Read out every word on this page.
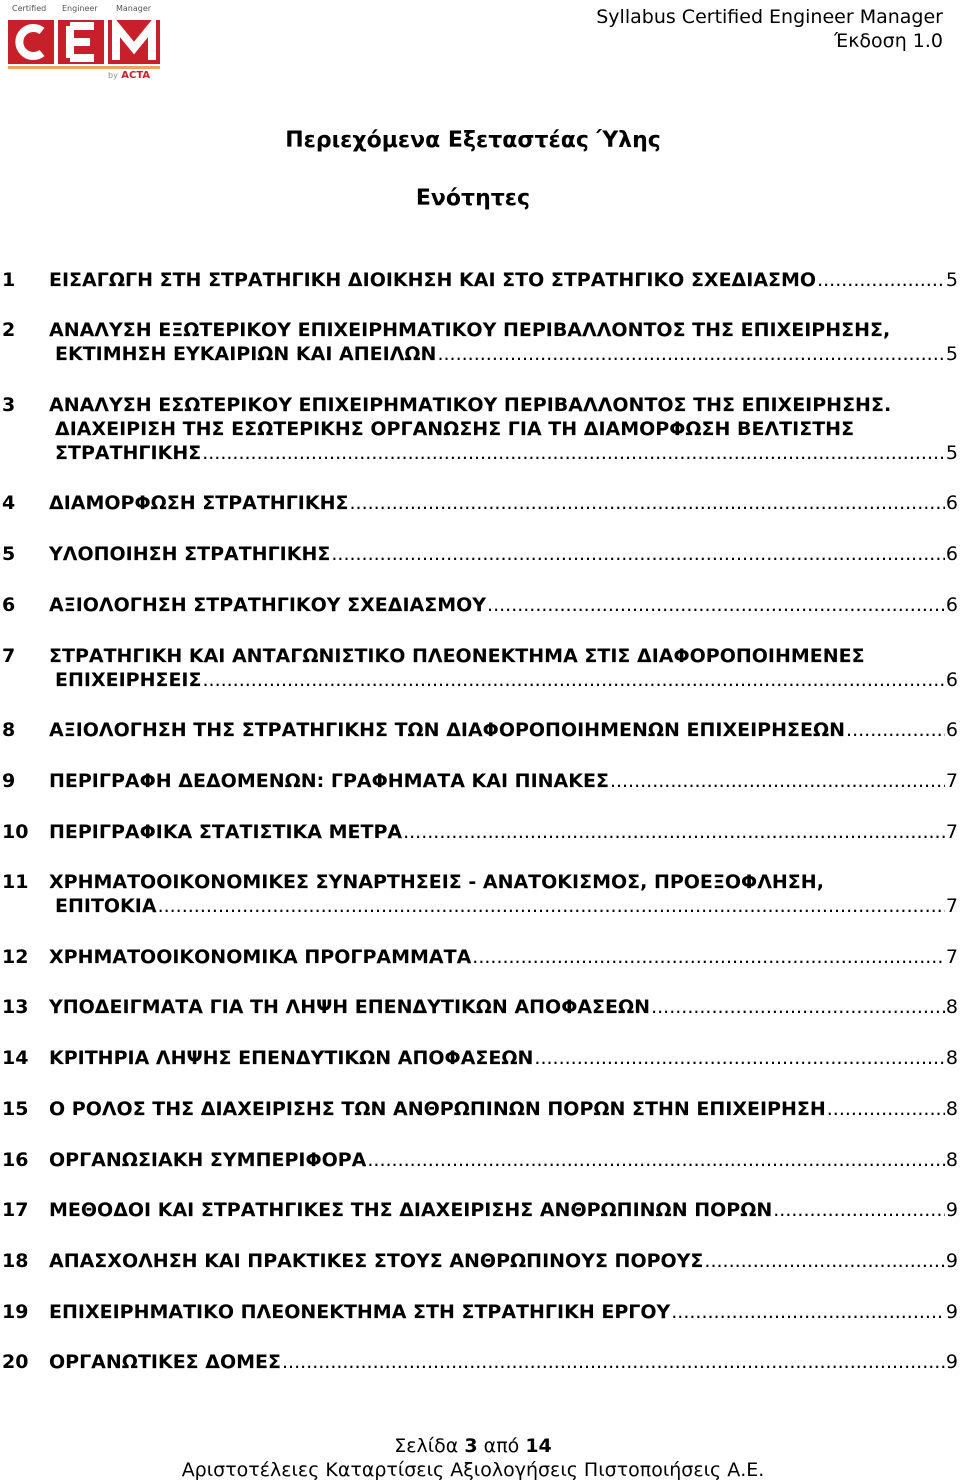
Certified Engineer Manager
by ACTA
Syllabus Certified Engineer Manager
Έκδοση 1.0
Περιεχόμενα Εξεταστέας Ύλης
Ενότητες
1 ΕΙΣΑΓΩΓΗ ΣΤΗ ΣΤΡΑΤΗΓΙΚΗ ΔΙΟΙΚΗΣΗ ΚΑΙ ΣΤΟ ΣΤΡΑΤΗΓΙΚΟ ΣΧΕΔΙΑΣΜΟ .....	5
2 ΑΝΑΛΥΣΗ ΕΞΩΤΕΡΙΚΟΥ ΕΠΙΧΕΙΡΗΜΑΤΙΚΟΥ ΠΕΡΙΒΑΛΛΟΝΤΟΣ ΤΗΣ ΕΠΙΧΕΙΡΗΣΗΣ,
ΕΚΤΙΜΗΣΗ ΕΥΚΑΙΡΙΩΝ ΚΑΙ ΑΠΕΙΛΩΝ .....	5
3 ΑΝΑΛΥΣΗ ΕΣΩΤΕΡΙΚΟΥ ΕΠΙΧΕΙΡΗΜΑΤΙΚΟΥ ΠΕΡΙΒΑΛΛΟΝΤΟΣ ΤΗΣ ΕΠΙΧΕΙΡΗΣΗΣ.
ΔΙΑΧΕΙΡΙΣΗ ΤΗΣ ΕΣΩΤΕΡΙΚΗΣ ΟΡΓΑΝΩΣΗΣ ΓΙΑ ΤΗ ΔΙΑΜΟΡΦΩΣΗ ΒΕΛΤΙΣΤΗΣ
ΣΤΡΑΤΗΓΙΚΗΣ .....	5
4 ΔΙΑΜΟΡΦΩΣΗ ΣΤΡΑΤΗΓΙΚΗΣ .....	6
5 ΥΛΟΠΟΙΗΣΗ ΣΤΡΑΤΗΓΙΚΗΣ .....	6
6 ΑΞΙΟΛΟΓΗΣΗ ΣΤΡΑΤΗΓΙΚΟΥ ΣΧΕΔΙΑΣΜΟΥ .....	6
7 ΣΤΡΑΤΗΓΙΚΗ ΚΑΙ ΑΝΤΑΓΩΝΙΣΤΙΚΟ ΠΛΕΟΝΕΚΤΗΜΑ ΣΤΙΣ ΔΙΑΦΟΡΟΠΟΙΗΜΕΝΕΣ
ΕΠΙΧΕΙΡΗΣΕΙΣ .....	6
8 ΑΞΙΟΛΟΓΗΣΗ ΤΗΣ ΣΤΡΑΤΗΓΙΚΗΣ ΤΩΝ ΔΙΑΦΟΡΟΠΟΙΗΜΕΝΩΝ ΕΠΙΧΕΙΡΗΣΕΩΝ .....	6
9 ΠΕΡΙΓΡΑΦΗ ΔΕΔΟΜΕΝΩΝ: ΓΡΑΦΗΜΑΤΑ ΚΑΙ ΠΙΝΑΚΕΣ .....	7
10 ΠΕΡΙΓΡΑΦΙΚΑ ΣΤΑΤΙΣΤΙΚΑ ΜΕΤΡΑ .....	7
11 ΧΡΗΜΑΤΟΟΙΚΟΝΟΜΙΚΕΣ ΣΥΝΑΡΤΗΣΕΙΣ - ΑΝΑΤΟΚΙΣΜΟΣ, ΠΡΟΕΞΟΦΛΗΣΗ,
ΕΠΙΤΟΚΙΑ .....	7
12 ΧΡΗΜΑΤΟΟΙΚΟΝΟΜΙΚΑ ΠΡΟΓΡΑΜΜΑΤΑ .....	7
13 ΥΠΟΔΕΙΓΜΑΤΑ ΓΙΑ ΤΗ ΛΗΨΗ ΕΠΕΝΔΥΤΙΚΩΝ ΑΠΟΦΑΣΕΩΝ .....	8
14 ΚΡΙΤΗΡΙΑ ΛΗΨΗΣ ΕΠΕΝΔΥΤΙΚΩΝ ΑΠΟΦΑΣΕΩΝ .....	8
15 Ο ΡΟΛΟΣ ΤΗΣ ΔΙΑΧΕΙΡΙΣΗΣ ΤΩΝ ΑΝΘΡΩΠΙΝΩΝ ΠΟΡΩΝ ΣΤΗΝ ΕΠΙΧΕΙΡΗΣΗ .....	8
16 ΟΡΓΑΝΩΣΙΑΚΗ ΣΥΜΠΕΡΙΦΟΡΑ .....	8
17 ΜΕΘΟΔΟΙ ΚΑΙ ΣΤΡΑΤΗΓΙΚΕΣ ΤΗΣ ΔΙΑΧΕΙΡΙΣΗΣ ΑΝΘΡΩΠΙΝΩΝ ΠΟΡΩΝ .....	9
18 ΑΠΑΣΧΟΛΗΣΗ ΚΑΙ ΠΡΑΚΤΙΚΕΣ ΣΤΟΥΣ ΑΝΘΡΩΠΙΝΟΥΣ ΠΟΡΟΥΣ .....	9
19 ΕΠΙΧΕΙΡΗΜΑΤΙΚΟ ΠΛΕΟΝΕΚΤΗΜΑ ΣΤΗ ΣΤΡΑΤΗΓΙΚΗ ΕΡΓΟΥ .....	9
20 ΟΡΓΑΝΩΤΙΚΕΣ ΔΟΜΕΣ .....	9
Σελίδα 3 από 14
Αριστοτέλειες Καταρτίσεις Αξιολογήσεις Πιστοποιήσεις Α.Ε.
